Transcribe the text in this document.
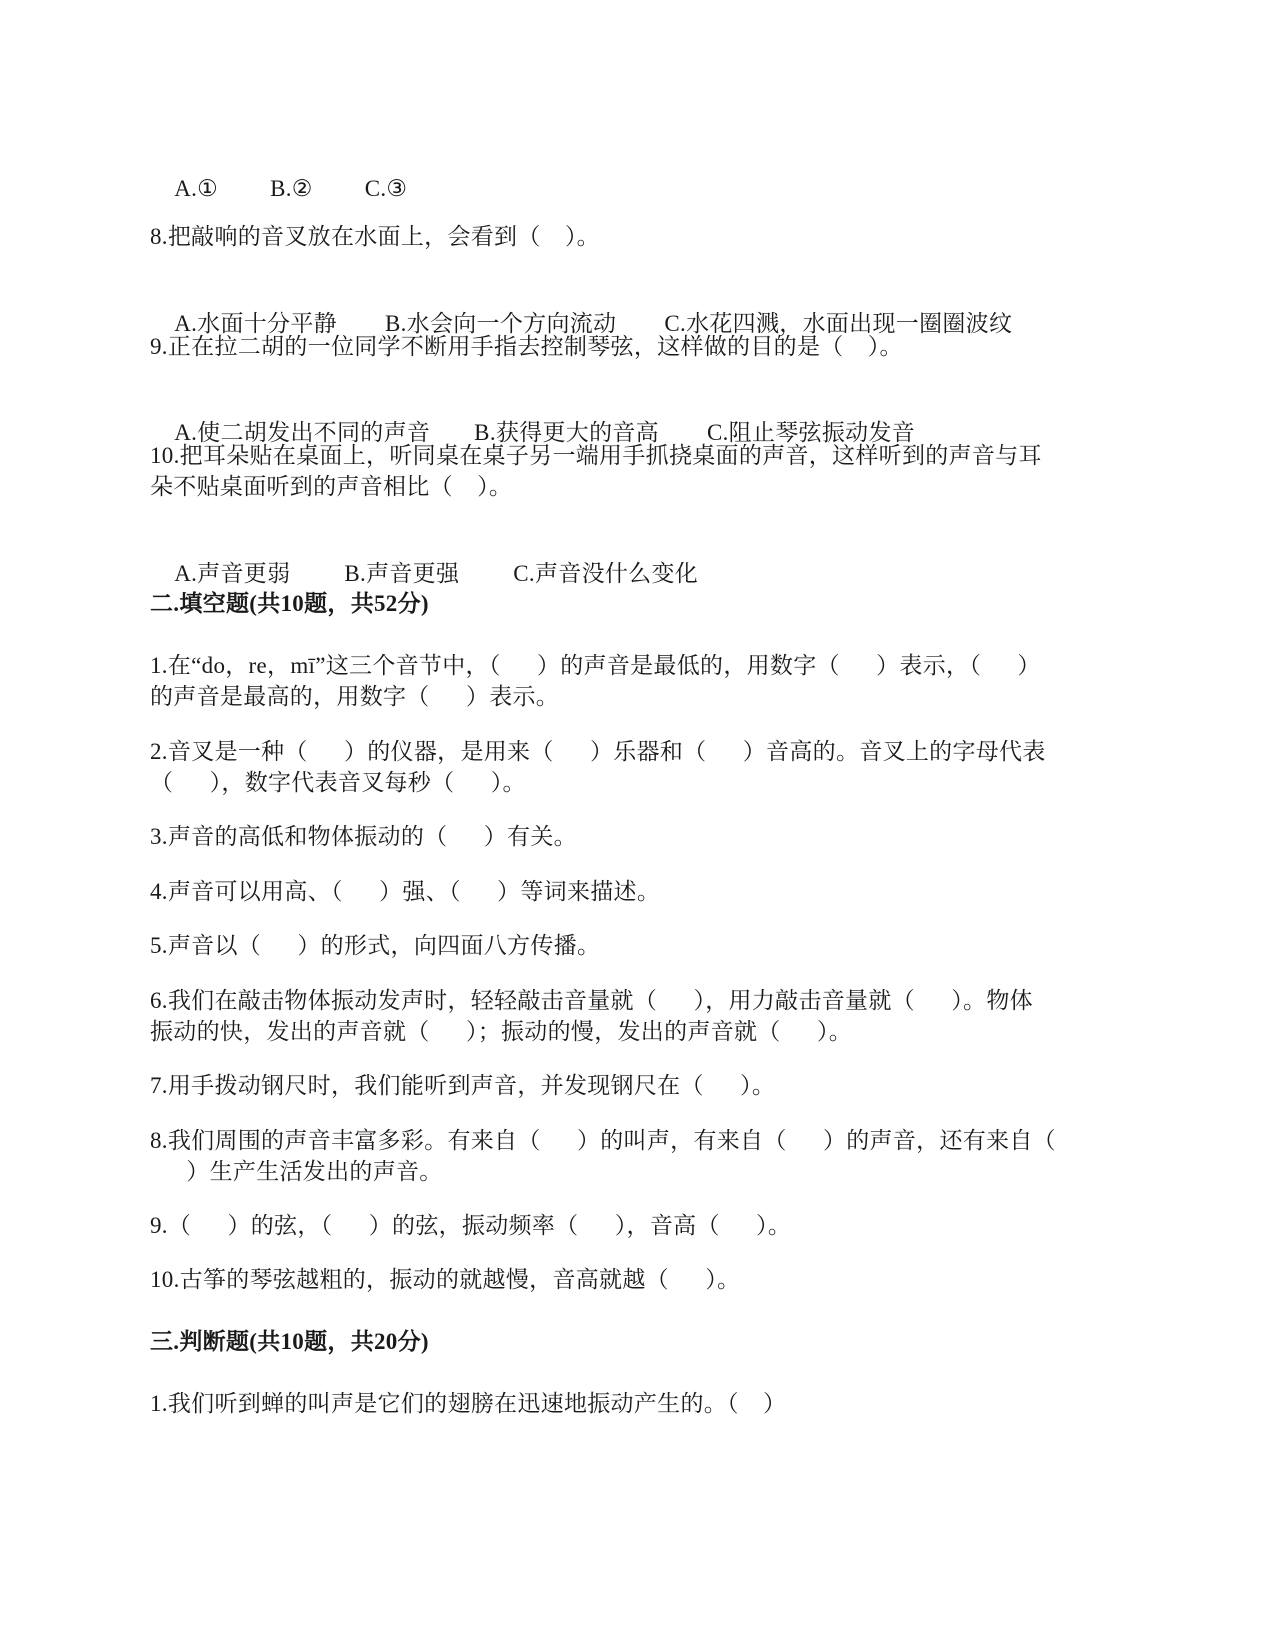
A.① B.② C.③

8.把敲响的音叉放在水面上，会看到（    ）。

A.水面十分平静 B.水会向一个方向流动 C.水花四溅，水面出现一圈圈波纹

9.正在拉二胡的一位同学不断用手指去控制琴弦，这样做的目的是（    ）。

A.使二胡发出不同的声音 B.获得更大的音高 C.阻止琴弦振动发音

10.把耳朵贴在桌面上，听同桌在桌子另一端用手抓挠桌面的声音，这样听到的声音与耳
朵不贴桌面听到的声音相比（    ）。

A.声音更弱 B.声音更强 C.声音没什么变化

二.填空题(共10题，共52分)
1.在“do，re，mī”这三个音节中，（      ）的声音是最低的，用数字（      ）表示，（      ）
的声音是最高的，用数字（      ）表示。
2.音叉是一种（      ）的仪器，是用来（      ）乐器和（      ）音高的。音叉上的字母代表
（      ），数字代表音叉每秒（      ）。
3.声音的高低和物体振动的（      ）有关。
4.声音可以用高、（      ）强、（      ）等词来描述。
5.声音以（      ）的形式，向四面八方传播。
6.我们在敲击物体振动发声时，轻轻敲击音量就（      ），用力敲击音量就（      ）。物体
振动的快，发出的声音就（      ）；振动的慢，发出的声音就（      ）。
7.用手拨动钢尺时，我们能听到声音，并发现钢尺在（      ）。
8.我们周围的声音丰富多彩。有来自（      ）的叫声，有来自（      ）的声音，还有来自（
）生产生活发出的声音。
9.（      ）的弦，（      ）的弦，振动频率（      ），音高（      ）。
10.古筝的琴弦越粗的，振动的就越慢，音高就越（      ）。
三.判断题(共10题，共20分)
1.我们听到蝉的叫声是它们的翅膀在迅速地振动产生的。（    ）
